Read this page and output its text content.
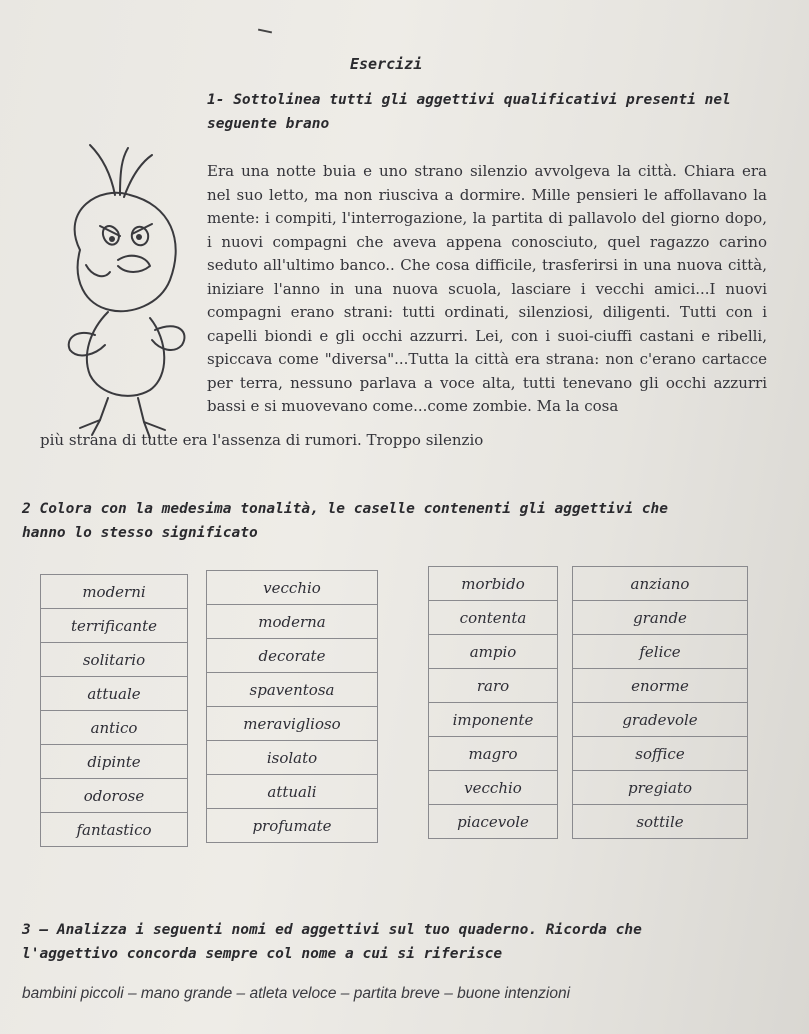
Esercizi
1- Sottolinea tutti gli aggettivi qualificativi presenti nel
seguente brano

Era una notte buia e uno strano silenzio avvolgeva la città. Chiara era nel suo letto, ma non riusciva a dormire. Mille pensieri le affollavano la mente: i compiti, l'interrogazione, la partita di pallavolo del giorno dopo, i nuovi compagni che aveva appena conosciuto, quel ragazzo carino seduto all'ultimo banco.. Che cosa difficile, trasferirsi in una nuova città, iniziare l'anno in una nuova scuola, lasciare i vecchi amici...I nuovi compagni erano strani: tutti ordinati, silenziosi, diligenti. Tutti con i capelli biondi e gli occhi azzurri. Lei, con i suoi-ciuffi castani e ribelli, spiccava come "diversa"...Tutta la città era strana: non c'erano cartacce per terra, nessuno parlava a voce alta, tutti tenevano gli occhi azzurri bassi e si muovevano come...come zombie. Ma la cosa

più strana di tutte era l'assenza di rumori. Troppo silenzio
2 Colora con la medesima tonalità, le caselle contenenti gli aggettivi che
hanno lo stesso significato
moderni
terrificante
solitario
attuale
antico
dipinte
odorose
fantastico
vecchio
moderna
decorate
spaventosa
meraviglioso
isolato
attuali
profumate
morbido
contenta
ampio
raro
imponente
magro
vecchio
piacevole
anziano
grande
felice
enorme
gradevole
soffice
pregiato
sottile
3 – Analizza i seguenti nomi ed aggettivi sul tuo quaderno. Ricorda che
l'aggettivo concorda sempre col nome a cui si riferisce
bambini piccoli – mano grande – atleta veloce – partita breve – buone intenzioni
